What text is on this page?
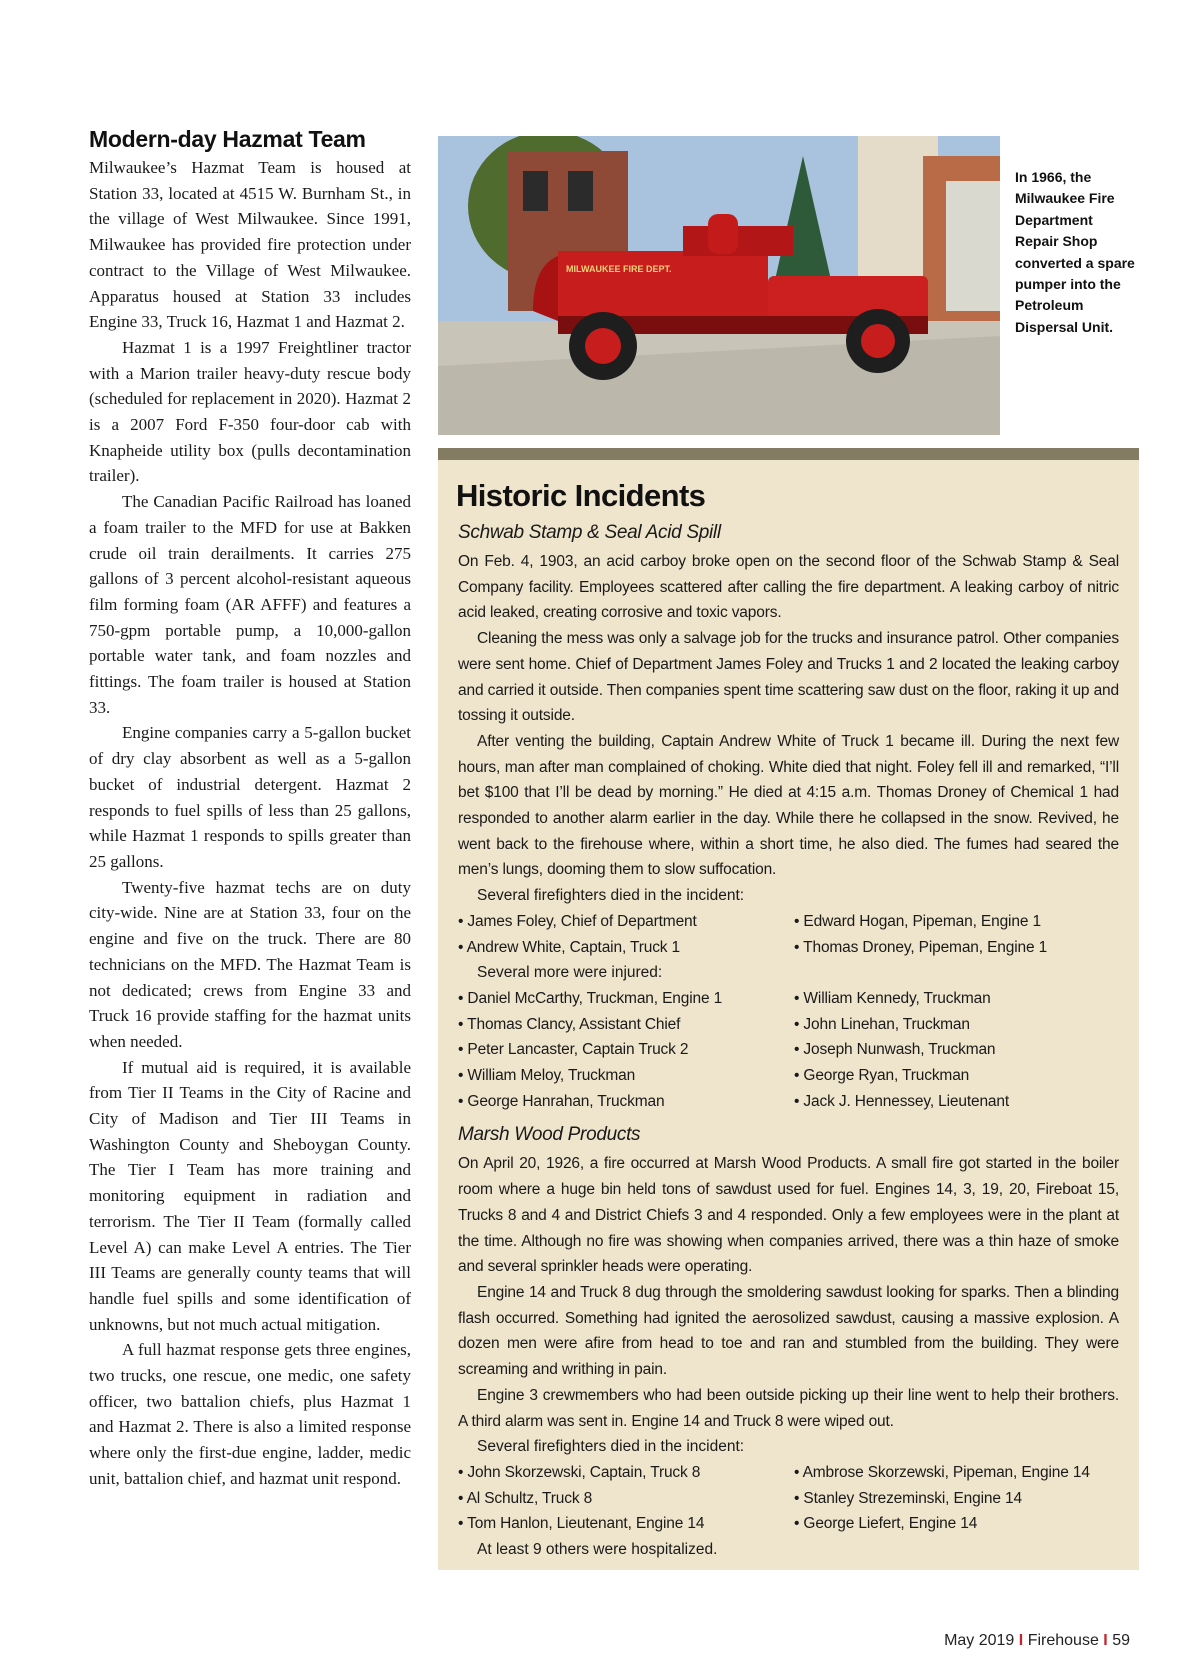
Modern-day Hazmat Team

Milwaukee’s Hazmat Team is housed at Station 33, located at 4515 W. Burnham St., in the village of West Milwaukee. Since 1991, Milwaukee has provided fire protection under contract to the Village of West Milwaukee. Apparatus housed at Station 33 includes Engine 33, Truck 16, Hazmat 1 and Hazmat 2.

Hazmat 1 is a 1997 Freightliner tractor with a Marion trailer heavy-duty rescue body (scheduled for replacement in 2020). Hazmat 2 is a 2007 Ford F-350 four-door cab with Knapheide utility box (pulls decontamination trailer).

The Canadian Pacific Railroad has loaned a foam trailer to the MFD for use at Bakken crude oil train derailments. It carries 275 gallons of 3 percent alcohol-resistant aqueous film forming foam (AR AFFF) and features a 750-gpm portable pump, a 10,000-gallon portable water tank, and foam nozzles and fittings. The foam trailer is housed at Station 33.

Engine companies carry a 5-gallon bucket of dry clay absorbent as well as a 5-gallon bucket of industrial detergent. Hazmat 2 responds to fuel spills of less than 25 gallons, while Hazmat 1 responds to spills greater than 25 gallons.

Twenty-five hazmat techs are on duty city-wide. Nine are at Station 33, four on the engine and five on the truck. There are 80 technicians on the MFD. The Hazmat Team is not dedicated; crews from Engine 33 and Truck 16 provide staffing for the hazmat units when needed.

If mutual aid is required, it is available from Tier II Teams in the City of Racine and City of Madison and Tier III Teams in Washington County and Sheboygan County. The Tier I Team has more training and monitoring equipment in radiation and terrorism. The Tier II Team (formally called Level A) can make Level A entries. The Tier III Teams are generally county teams that will handle fuel spills and some identification of unknowns, but not much actual mitigation.

A full hazmat response gets three engines, two trucks, one rescue, one medic, one safety officer, two battalion chiefs, plus Hazmat 1 and Hazmat 2. There is also a limited response where only the first-due engine, ladder, medic unit, battalion chief, and hazmat unit respond.

MILWAUKEE FIRE DEPT.
In 1966, the Milwaukee Fire Department Repair Shop converted a spare pumper into the Petroleum Dispersal Unit.
Historic Incidents
Schwab Stamp & Seal Acid Spill

On Feb. 4, 1903, an acid carboy broke open on the second floor of the Schwab Stamp & Seal Company facility. Employees scattered after calling the fire department. A leaking carboy of nitric acid leaked, creating corrosive and toxic vapors.

Cleaning the mess was only a salvage job for the trucks and insurance patrol. Other companies were sent home. Chief of Department James Foley and Trucks 1 and 2 located the leaking carboy and carried it outside. Then companies spent time scattering saw dust on the floor, raking it up and tossing it outside.

After venting the building, Captain Andrew White of Truck 1 became ill. During the next few hours, man after man complained of choking. White died that night. Foley fell ill and remarked, “I’ll bet $100 that I’ll be dead by morning.” He died at 4:15 a.m. Thomas Droney of Chemical 1 had responded to another alarm earlier in the day. While there he collapsed in the snow. Revived, he went back to the firehouse where, within a short time, he also died. The fumes had seared the men’s lungs, dooming them to slow suffocation.

Several firefighters died in the incident:
• James Foley, Chief of Department	• Edward Hogan, Pipeman, Engine 1
• Andrew White, Captain, Truck 1	• Thomas Droney, Pipeman, Engine 1
Several more were injured:
• Daniel McCarthy, Truckman, Engine 1	• William Kennedy, Truckman
• Thomas Clancy, Assistant Chief	• John Linehan, Truckman
• Peter Lancaster, Captain Truck 2	• Joseph Nunwash, Truckman
• William Meloy, Truckman	• George Ryan, Truckman
• George Hanrahan, Truckman	• Jack J. Hennessey, Lieutenant
Marsh Wood Products

On April 20, 1926, a fire occurred at Marsh Wood Products. A small fire got started in the boiler room where a huge bin held tons of sawdust used for fuel. Engines 14, 3, 19, 20, Fireboat 15, Trucks 8 and 4 and District Chiefs 3 and 4 responded. Only a few employees were in the plant at the time. Although no fire was showing when companies arrived, there was a thin haze of smoke and several sprinkler heads were operating.

Engine 14 and Truck 8 dug through the smoldering sawdust looking for sparks. Then a blinding flash occurred. Something had ignited the aerosolized sawdust, causing a massive explosion. A dozen men were afire from head to toe and ran and stumbled from the building. They were screaming and writhing in pain.

Engine 3 crewmembers who had been outside picking up their line went to help their brothers. A third alarm was sent in. Engine 14 and Truck 8 were wiped out.

Several firefighters died in the incident:
• John Skorzewski, Captain, Truck 8	• Ambrose Skorzewski, Pipeman, Engine 14
• Al Schultz, Truck 8	• Stanley Strezeminski, Engine 14
• Tom Hanlon, Lieutenant, Engine 14	• George Liefert, Engine 14
At least 9 others were hospitalized.
May 2019 I Firehouse I 59
